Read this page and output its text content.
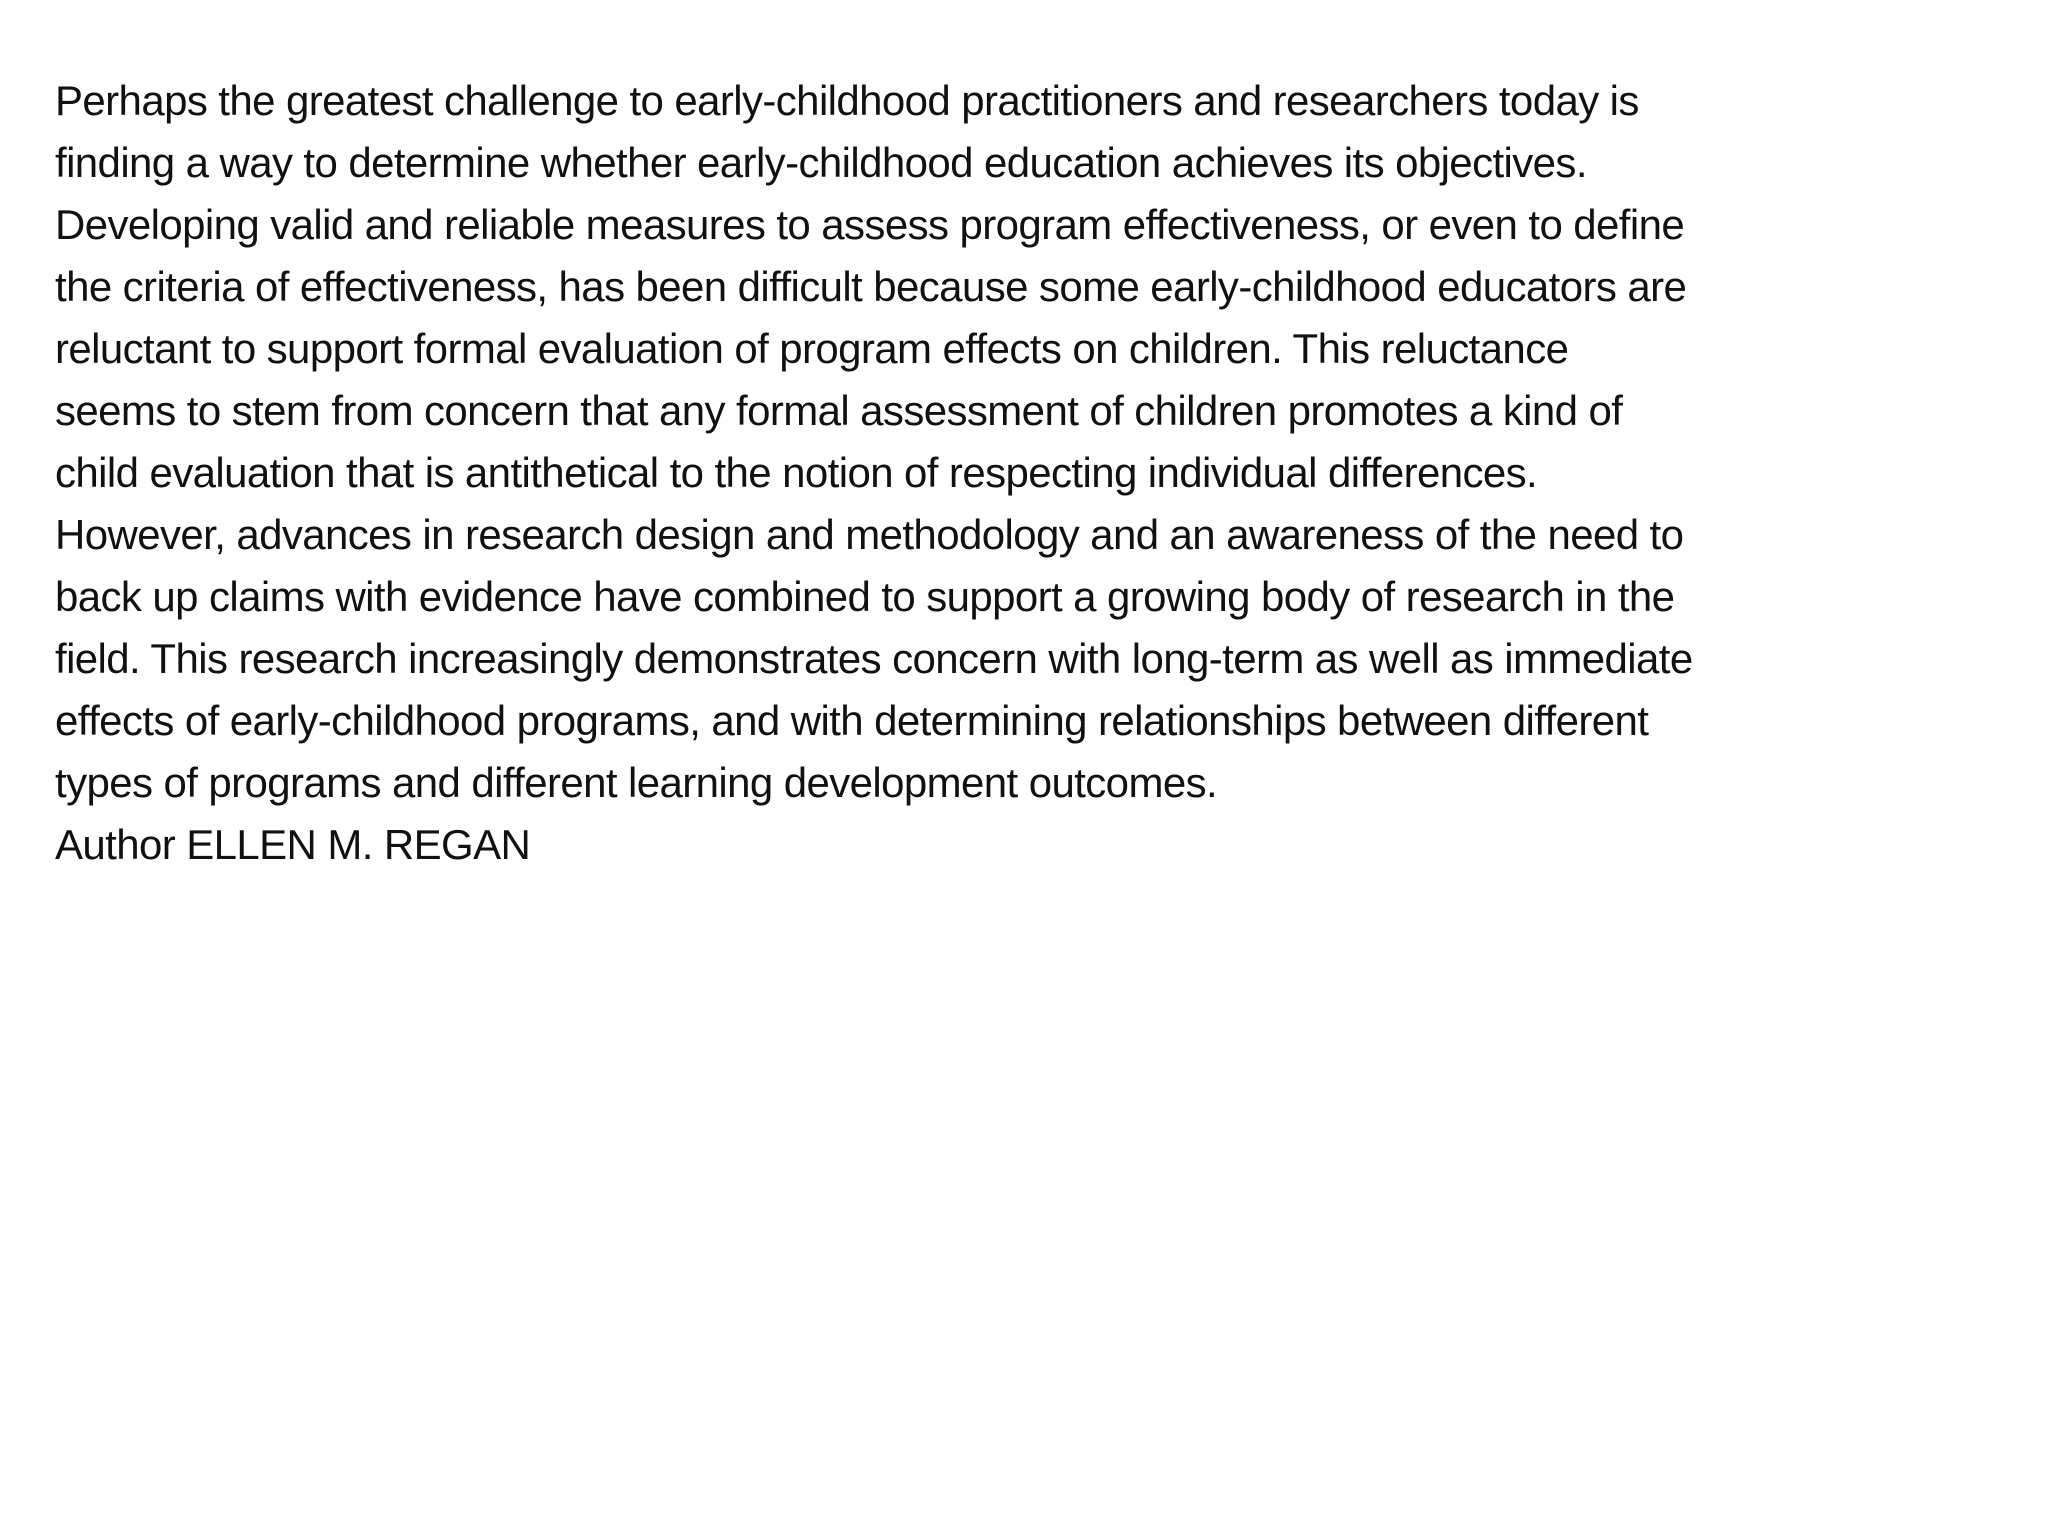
Perhaps the greatest challenge to early-childhood practitioners and researchers today is
finding a way to determine whether early-childhood education achieves its objectives.
Developing valid and reliable measures to assess program effectiveness, or even to define
the criteria of effectiveness, has been difficult because some early-childhood educators are
reluctant to support formal evaluation of program effects on children. This reluctance
seems to stem from concern that any formal assessment of children promotes a kind of
child evaluation that is antithetical to the notion of respecting individual differences.
However, advances in research design and methodology and an awareness of the need to
back up claims with evidence have combined to support a growing body of research in the
field. This research increasingly demonstrates concern with long-term as well as immediate
effects of early-childhood programs, and with determining relationships between different
types of programs and different learning development outcomes.
Author ELLEN M. REGAN
